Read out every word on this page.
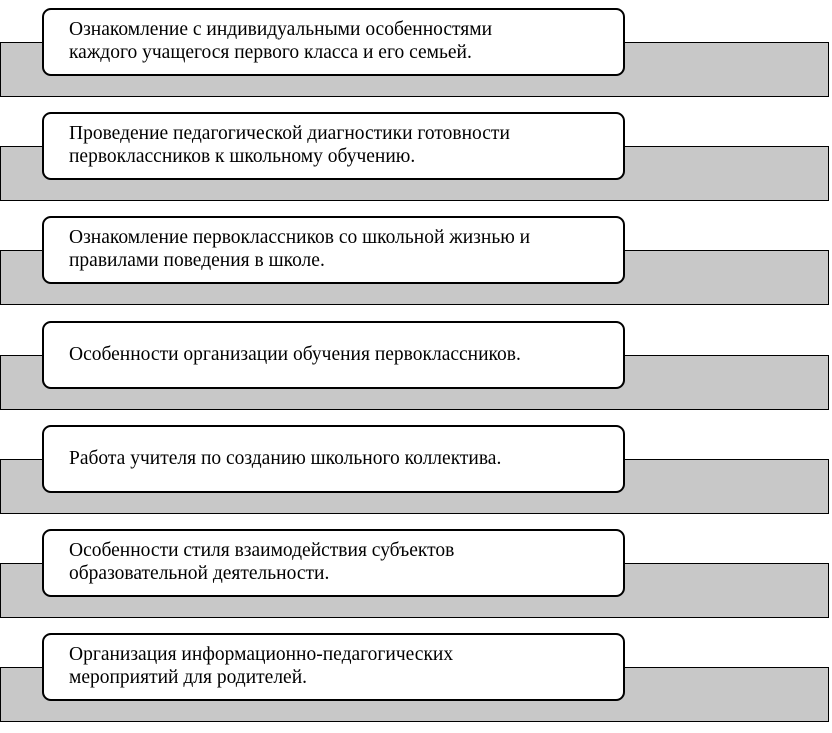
Ознакомление с индивидуальными особенностями
каждого учащегося первого класса и его семьей.
Проведение педагогической диагностики готовности
первоклассников к школьному обучению.
Ознакомление первоклассников со школьной жизнью и
правилами поведения в школе.
Особенности организации обучения первоклассников.
Работа учителя по созданию школьного коллектива.
Особенности стиля взаимодействия субъектов
образовательной деятельности.
Организация информационно-педагогических
мероприятий для родителей.
